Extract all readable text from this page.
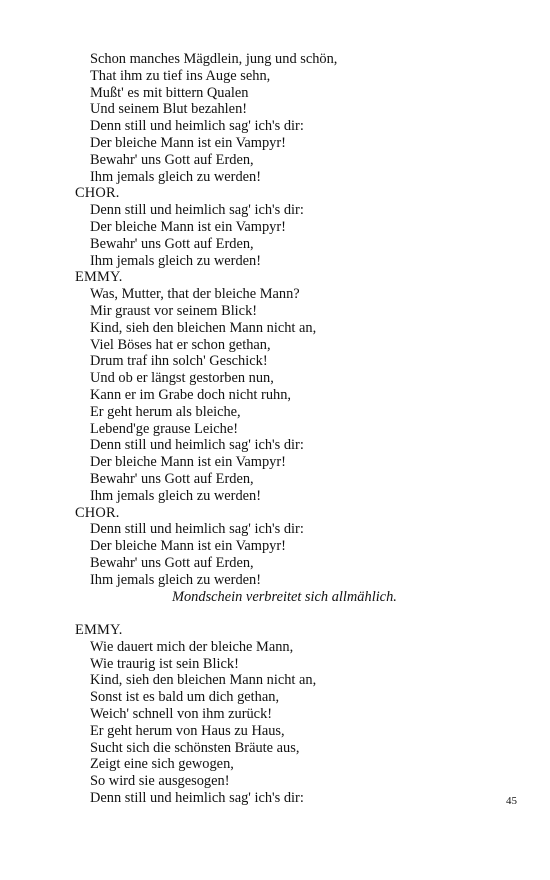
Schon manches Mägdlein, jung und schön,
That ihm zu tief ins Auge sehn,
Mußt' es mit bittern Qualen
Und seinem Blut bezahlen!
Denn still und heimlich sag' ich's dir:
Der bleiche Mann ist ein Vampyr!
Bewahr' uns Gott auf Erden,
Ihm jemals gleich zu werden!
CHOR.
Denn still und heimlich sag' ich's dir:
Der bleiche Mann ist ein Vampyr!
Bewahr' uns Gott auf Erden,
Ihm jemals gleich zu werden!
EMMY.
Was, Mutter, that der bleiche Mann?
Mir graust vor seinem Blick!
Kind, sieh den bleichen Mann nicht an,
Viel Böses hat er schon gethan,
Drum traf ihn solch' Geschick!
Und ob er längst gestorben nun,
Kann er im Grabe doch nicht ruhn,
Er geht herum als bleiche,
Lebend'ge grause Leiche!
Denn still und heimlich sag' ich's dir:
Der bleiche Mann ist ein Vampyr!
Bewahr' uns Gott auf Erden,
Ihm jemals gleich zu werden!
CHOR.
Denn still und heimlich sag' ich's dir:
Der bleiche Mann ist ein Vampyr!
Bewahr' uns Gott auf Erden,
Ihm jemals gleich zu werden!
Mondschein verbreitet sich allmählich.
EMMY.
Wie dauert mich der bleiche Mann,
Wie traurig ist sein Blick!
Kind, sieh den bleichen Mann nicht an,
Sonst ist es bald um dich gethan,
Weich' schnell von ihm zurück!
Er geht herum von Haus zu Haus,
Sucht sich die schönsten Bräute aus,
Zeigt eine sich gewogen,
So wird sie ausgesogen!
Denn still und heimlich sag' ich's dir:	45
